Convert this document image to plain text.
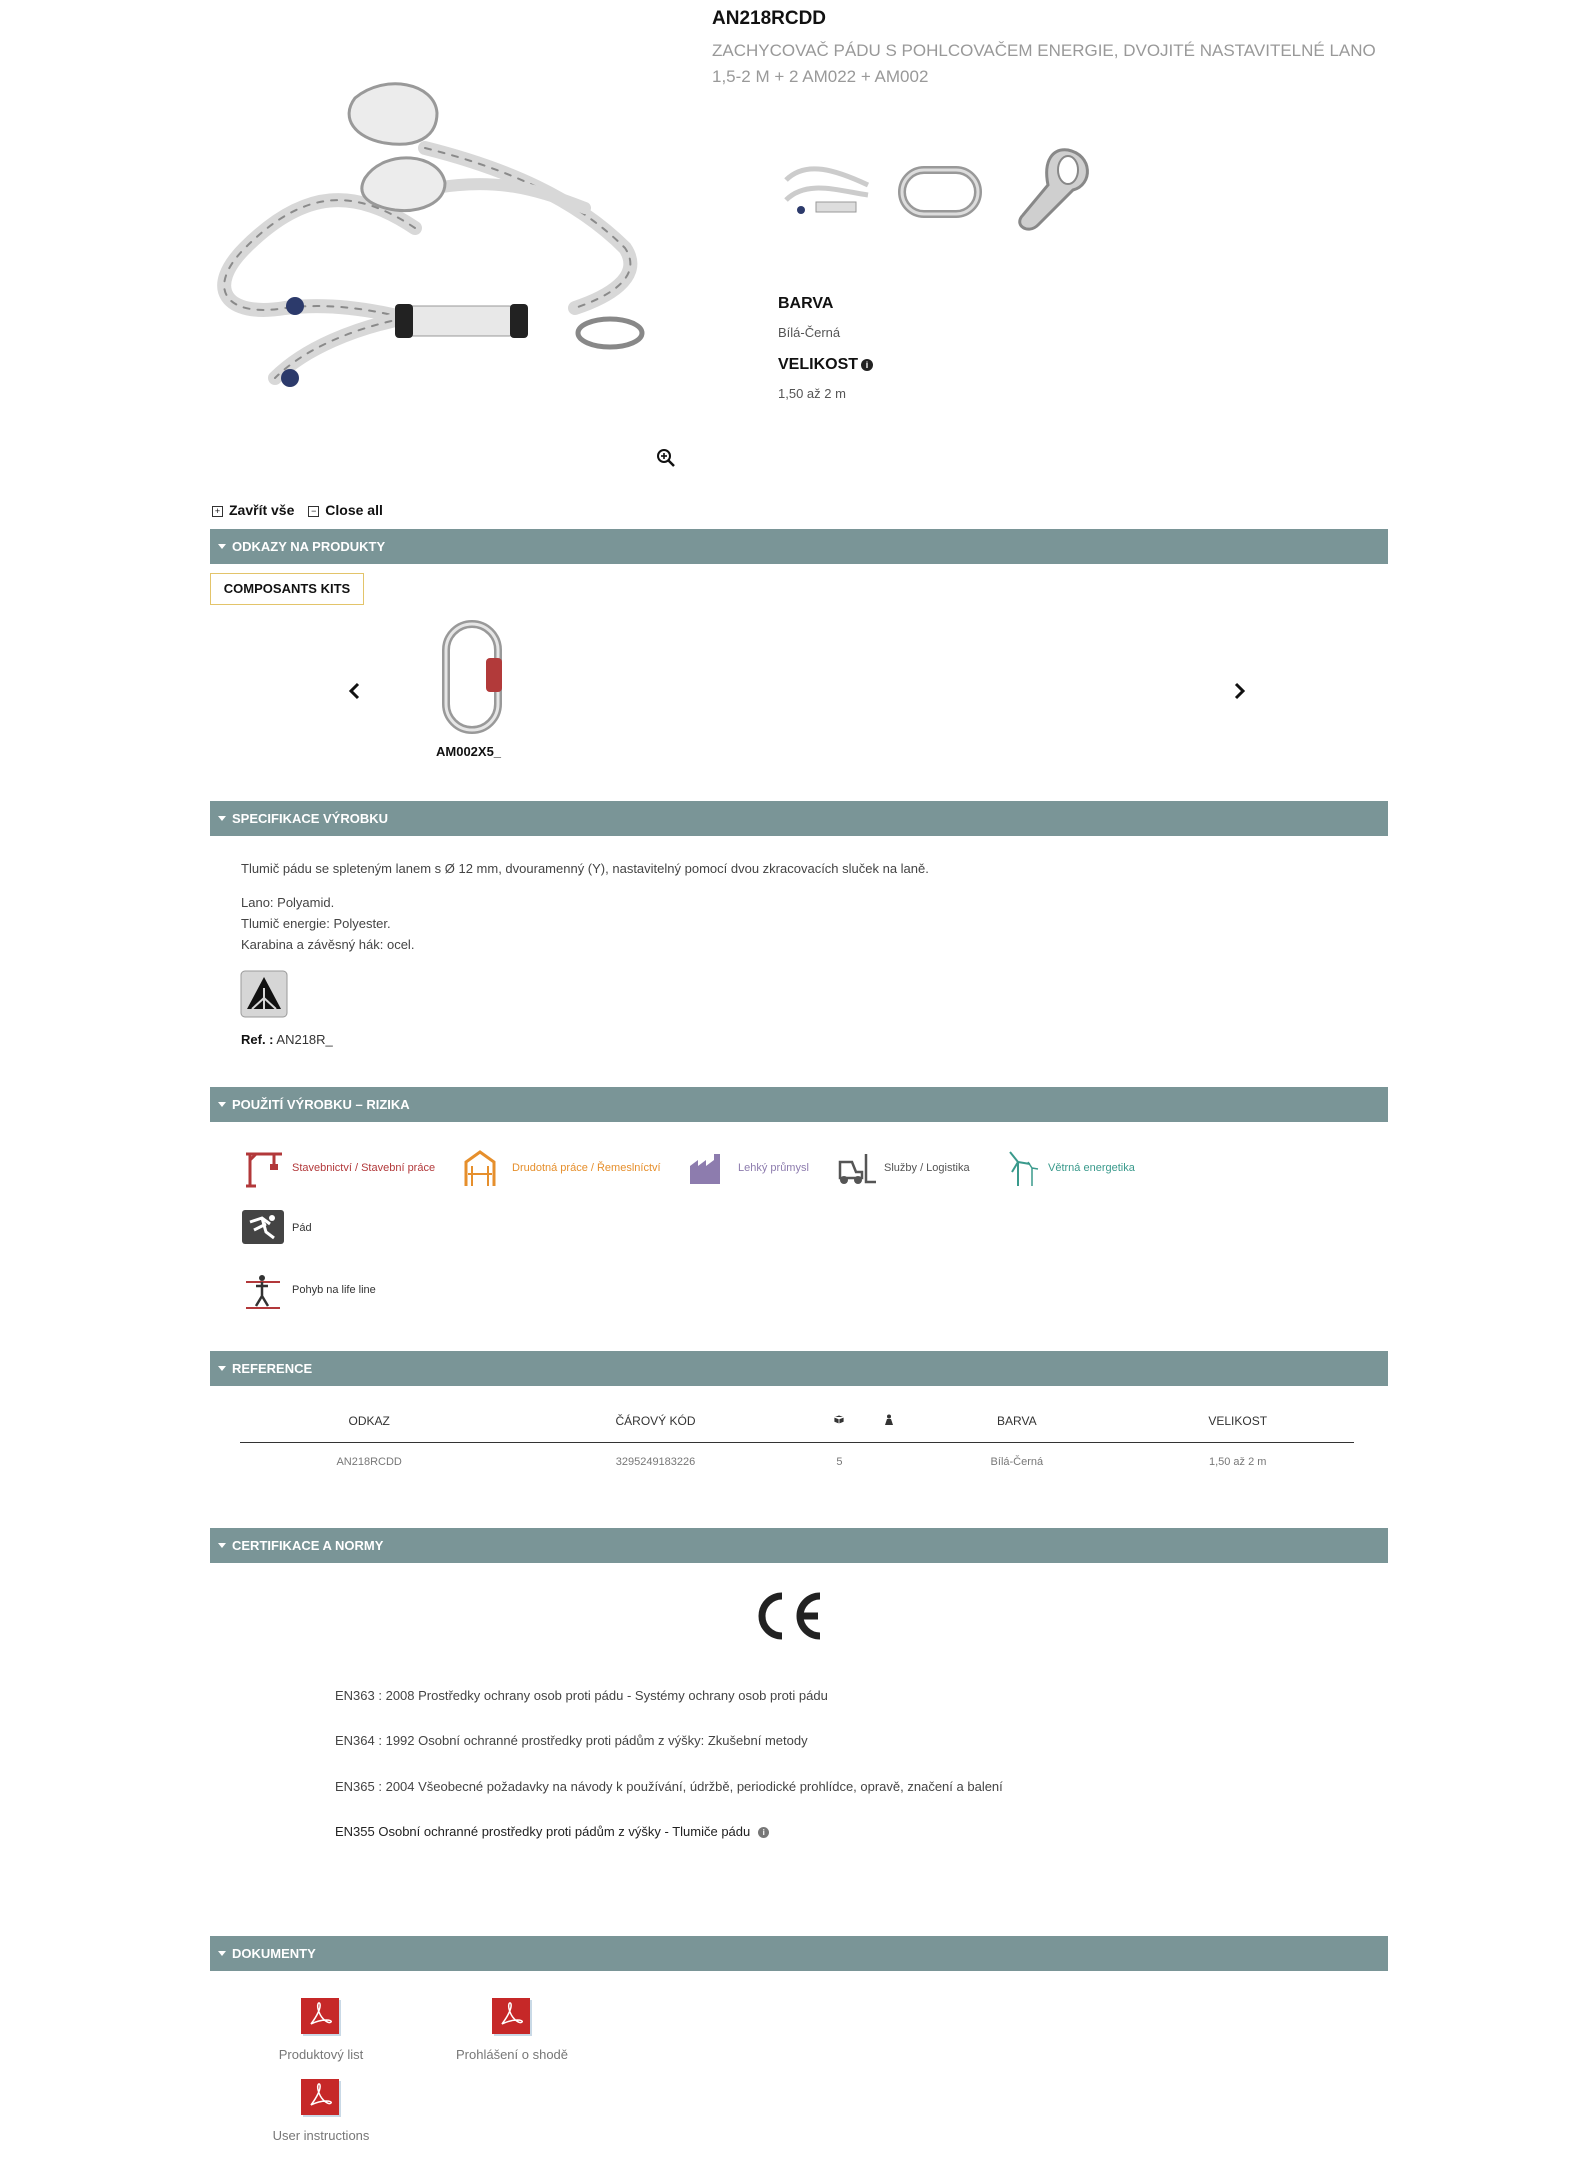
AN218RCDD
ZACHYCOVAČ PÁDU S POHLCOVAČEM ENERGIE, DVOJITÉ NASTAVITELNÉ LANO 1,5-2 M + 2 AM022 + AM002
BARVA
Bílá-Černá
VELIKOST i
1,50 až 2 m
+ Zavřít vše − Close all
ODKAZY NA PRODUKTY
COMPOSANTS KITS
AM002X5_
SPECIFIKACE VÝROBKU
Tlumič pádu se spleteným lanem s Ø 12 mm, dvouramenný (Y), nastavitelný pomocí dvou zkracovacích sluček na laně.
Lano: Polyamid.
Tlumič energie: Polyester.
Karabina a závěsný hák: ocel.
Ref. : AN218R_
POUŽITÍ VÝROBKU – RIZIKA
Stavebnictví / Stavební práce	Drudotná práce / Řemeslníctví	Lehký průmysl	Služby / Logistika	Větrná energetika
Pád
Pohyb na life line
REFERENCE
ODKAZ	ČÁROVÝ KÓD			BARVA	VELIKOST
AN218RCDD	3295249183226	5		Bílá-Černá	1,50 až 2 m
CERTIFIKACE A NORMY
EN363 : 2008 Prostředky ochrany osob proti pádu - Systémy ochrany osob proti pádu
EN364 : 1992 Osobní ochranné prostředky proti pádům z výšky: Zkušební metody
EN365 : 2004 Všeobecné požadavky na návody k používání, údržbě, periodické prohlídce, opravě, značení a balení
EN355 Osobní ochranné prostředky proti pádům z výšky - Tlumiče pádu i
DOKUMENTY
Produktový list	Prohlášení o shodě
User instructions
